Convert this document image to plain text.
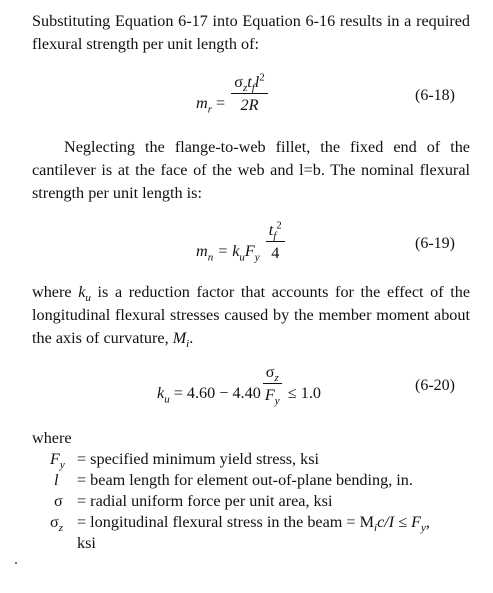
Substituting Equation 6-17 into Equation 6-16 results in a required flexural strength per unit length of:

$m_r = \frac{\sigma_zt_fl^2}{2R}$	(6-18)

Neglecting the flange-to-web fillet, the fixed end of the cantilever is at the face of the web and l=b. The nominal flexural strength per unit length is:

$m_n = k_uF_y \frac{t_f^2}{4}$	(6-19)

where $k_u$ is a reduction factor that accounts for the effect of the longitudinal flexural stresses caused by the member moment about the axis of curvature, $M_i$.

$k_u = 4.60 - 4.40 \frac{\sigma_z}{F_y} \le 1.0$	(6-20)
where
$F_y$ = specified minimum yield stress, ksi
l	= beam length for element out-of-plane bending, in.
σ = radial uniform force per unit area, ksi
$\sigma_z$ = longitudinal flexural stress in the beam = $M_ic/I \le F_y$,
ksi
